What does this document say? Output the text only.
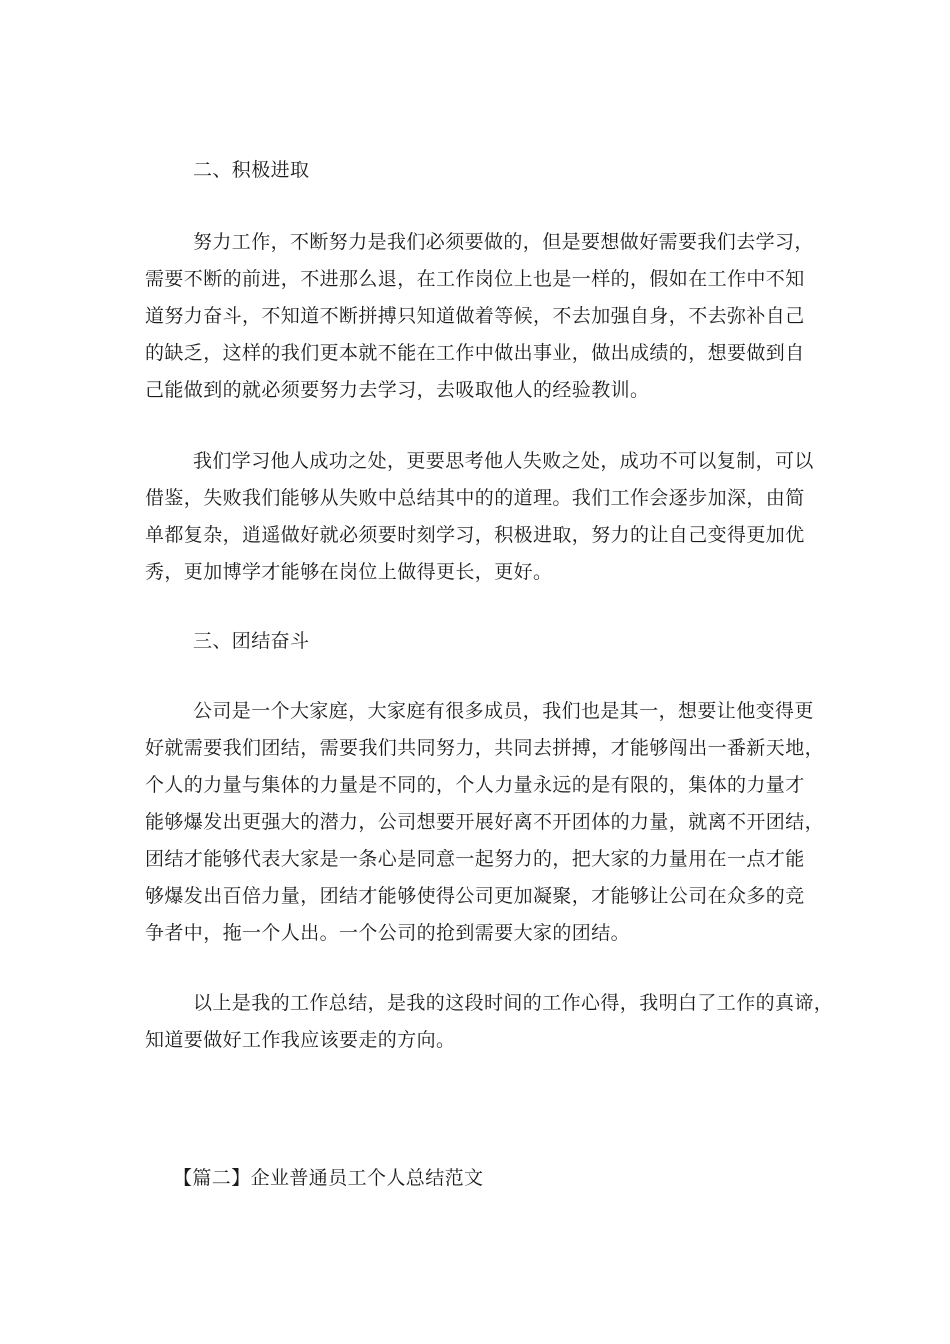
二、积极进取
努力工作，不断努力是我们必须要做的，但是要想做好需要我们去学习，
需要不断的前进，不进那么退，在工作岗位上也是一样的，假如在工作中不知
道努力奋斗，不知道不断拼搏只知道做着等候，不去加强自身，不去弥补自己
的缺乏，这样的我们更本就不能在工作中做出事业，做出成绩的，想要做到自
己能做到的就必须要努力去学习，去吸取他人的经验教训。
我们学习他人成功之处，更要思考他人失败之处，成功不可以复制，可以
借鉴，失败我们能够从失败中总结其中的的道理。我们工作会逐步加深，由简
单都复杂，逍遥做好就必须要时刻学习，积极进取，努力的让自己变得更加优
秀，更加博学才能够在岗位上做得更长，更好。
三、团结奋斗
公司是一个大家庭，大家庭有很多成员，我们也是其一，想要让他变得更
好就需要我们团结，需要我们共同努力，共同去拼搏，才能够闯出一番新天地，
个人的力量与集体的力量是不同的，个人力量永远的是有限的，集体的力量才
能够爆发出更强大的潜力，公司想要开展好离不开团体的力量，就离不开团结，
团结才能够代表大家是一条心是同意一起努力的，把大家的力量用在一点才能
够爆发出百倍力量，团结才能够使得公司更加凝聚，才能够让公司在众多的竞
争者中，拖一个人出。一个公司的抢到需要大家的团结。
以上是我的工作总结，是我的这段时间的工作心得，我明白了工作的真谛，
知道要做好工作我应该要走的方向。
【篇二】企业普通员工个人总结范文
